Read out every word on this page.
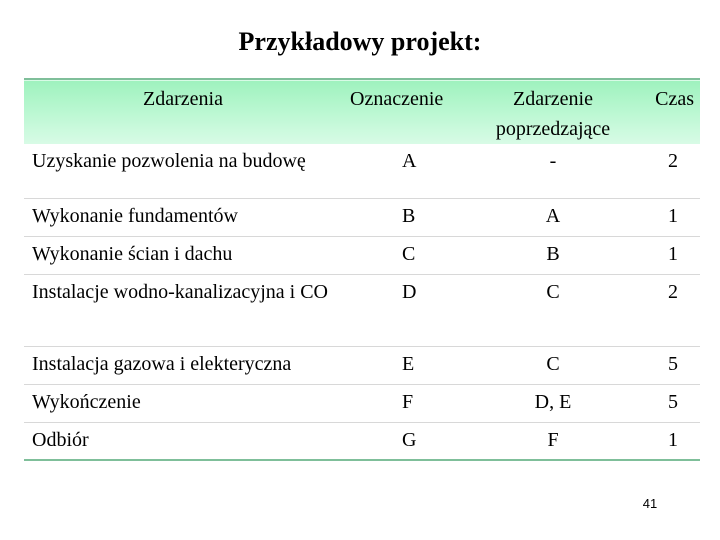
Przykładowy projekt:
Zdarzenia	Oznaczenie	Zdarzenie poprzedzające	Czas
Uzyskanie pozwolenia na budowę	A	-	2
Wykonanie fundamentów	B	A	1
Wykonanie ścian i dachu	C	B	1
Instalacje wodno-kanalizacyjna i CO	D	C	2
Instalacja gazowa i elekteryczna	E	C	5
Wykończenie	F	D, E	5
Odbiór	G	F	1
41
